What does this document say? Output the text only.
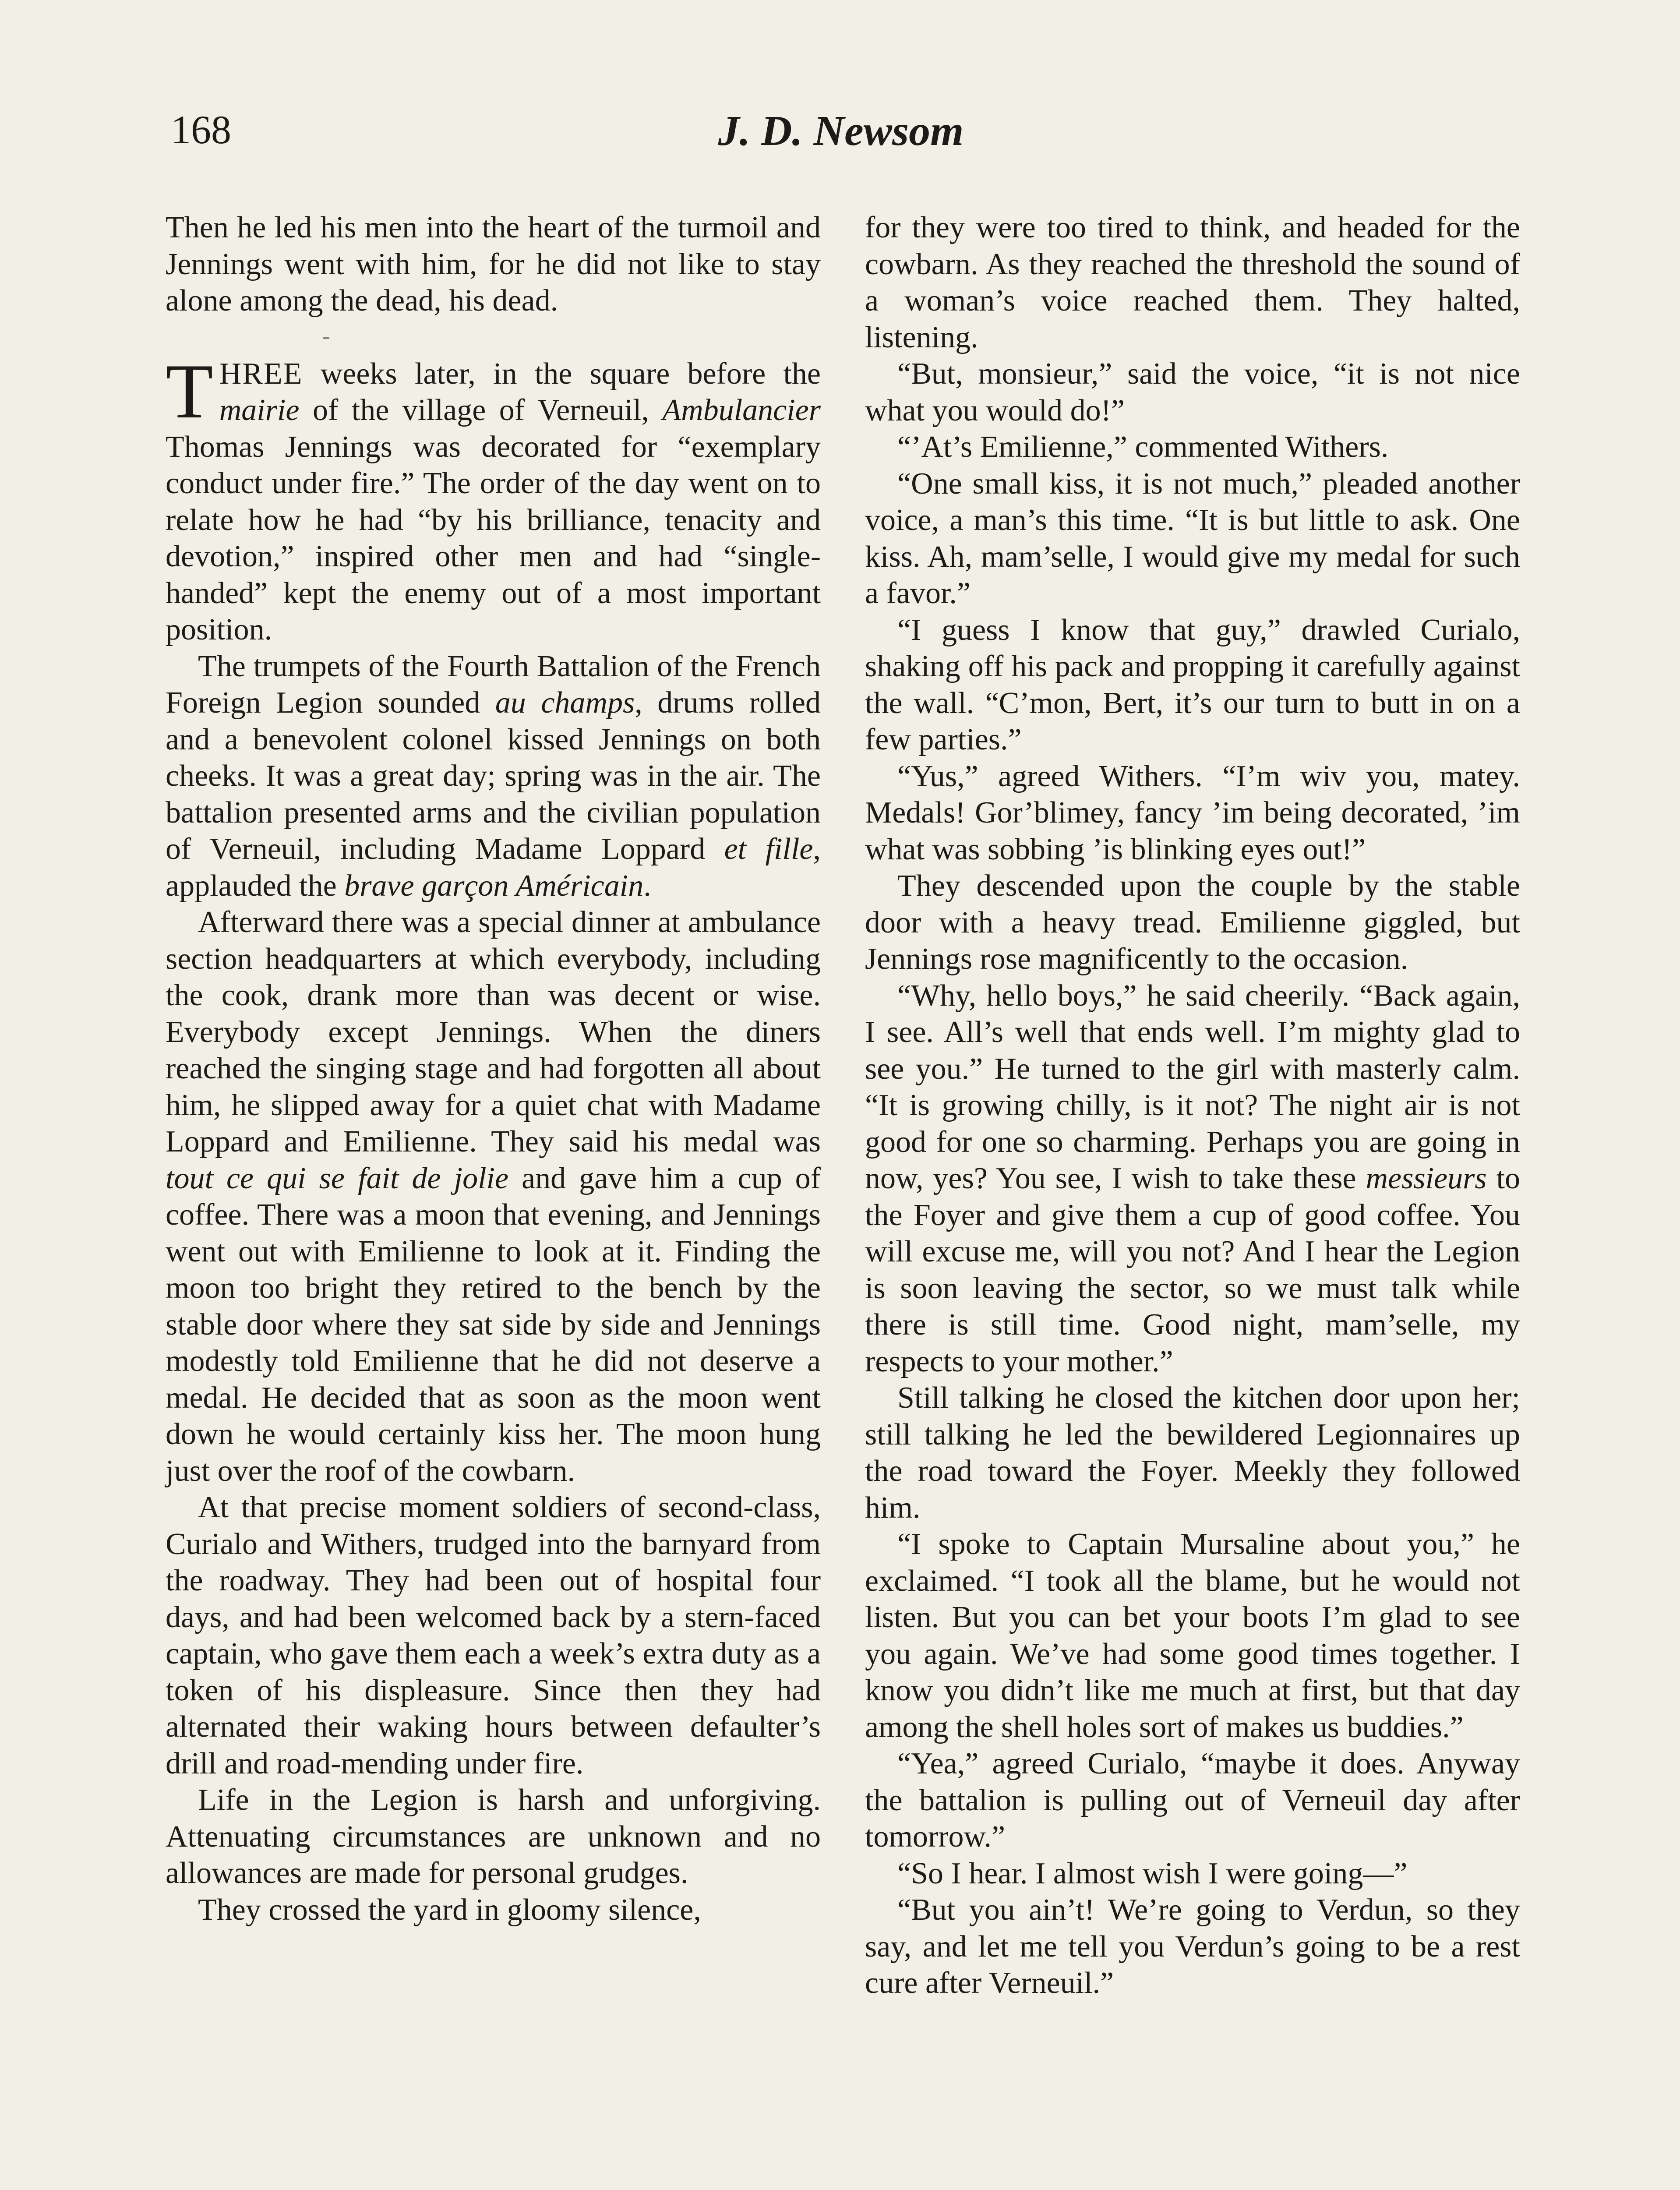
168	J. D. Newsom

Then he led his men into the heart of the turmoil and Jennings went with him, for he did not like to stay alone among the dead, his dead.

THREE weeks later, in the square before the mairie of the village of Verneuil, Ambulancier Thomas Jennings was decorated for “exemplary conduct under fire.” The order of the day went on to relate how he had “by his brilliance, tenacity and devotion,” inspired other men and had “single-handed” kept the enemy out of a most important position.

The trumpets of the Fourth Battalion of the French Foreign Legion sounded au champs, drums rolled and a benevolent colonel kissed Jennings on both cheeks. It was a great day; spring was in the air. The battalion presented arms and the civilian population of Verneuil, including Madame Loppard et fille, applauded the brave garçon Américain.

Afterward there was a special dinner at ambulance section headquarters at which everybody, including the cook, drank more than was decent or wise. Everybody except Jennings. When the diners reached the singing stage and had forgotten all about him, he slipped away for a quiet chat with Madame Loppard and Emilienne. They said his medal was tout ce qui se fait de jolie and gave him a cup of coffee. There was a moon that evening, and Jennings went out with Emilienne to look at it. Finding the moon too bright they retired to the bench by the stable door where they sat side by side and Jennings modestly told Emilienne that he did not deserve a medal. He decided that as soon as the moon went down he would certainly kiss her. The moon hung just over the roof of the cowbarn.

At that precise moment soldiers of second-class, Curialo and Withers, trudged into the barnyard from the roadway. They had been out of hospital four days, and had been welcomed back by a stern-faced captain, who gave them each a week’s extra duty as a token of his displeasure. Since then they had alternated their waking hours between defaulter’s drill and road-mending under fire.

Life in the Legion is harsh and unforgiving. Attenuating circumstances are unknown and no allowances are made for personal grudges.

They crossed the yard in gloomy silence,

for they were too tired to think, and headed for the cowbarn. As they reached the threshold the sound of a woman’s voice reached them. They halted, listening.

“But, monsieur,” said the voice, “it is not nice what you would do!”

“’At’s Emilienne,” commented Withers.

“One small kiss, it is not much,” pleaded another voice, a man’s this time. “It is but little to ask. One kiss. Ah, mam’selle, I would give my medal for such a favor.”

“I guess I know that guy,” drawled Curialo, shaking off his pack and propping it carefully against the wall. “C’mon, Bert, it’s our turn to butt in on a few parties.”

“Yus,” agreed Withers. “I’m wiv you, matey. Medals! Gor’blimey, fancy ’im being decorated, ’im what was sobbing ’is blinking eyes out!”

They descended upon the couple by the stable door with a heavy tread. Emilienne giggled, but Jennings rose magnificently to the occasion.

“Why, hello boys,” he said cheerily. “Back again, I see. All’s well that ends well. I’m mighty glad to see you.” He turned to the girl with masterly calm. “It is growing chilly, is it not? The night air is not good for one so charming. Perhaps you are going in now, yes? You see, I wish to take these messieurs to the Foyer and give them a cup of good coffee. You will excuse me, will you not? And I hear the Legion is soon leaving the sector, so we must talk while there is still time. Good night, mam’selle, my respects to your mother.”

Still talking he closed the kitchen door upon her; still talking he led the bewildered Legionnaires up the road toward the Foyer. Meekly they followed him.

“I spoke to Captain Mursaline about you,” he exclaimed. “I took all the blame, but he would not listen. But you can bet your boots I’m glad to see you again. We’ve had some good times together. I know you didn’t like me much at first, but that day among the shell holes sort of makes us buddies.”

“Yea,” agreed Curialo, “maybe it does. Anyway the battalion is pulling out of Verneuil day after tomorrow.”

“So I hear. I almost wish I were going—”

“But you ain’t! We’re going to Verdun, so they say, and let me tell you Verdun’s going to be a rest cure after Verneuil.”
